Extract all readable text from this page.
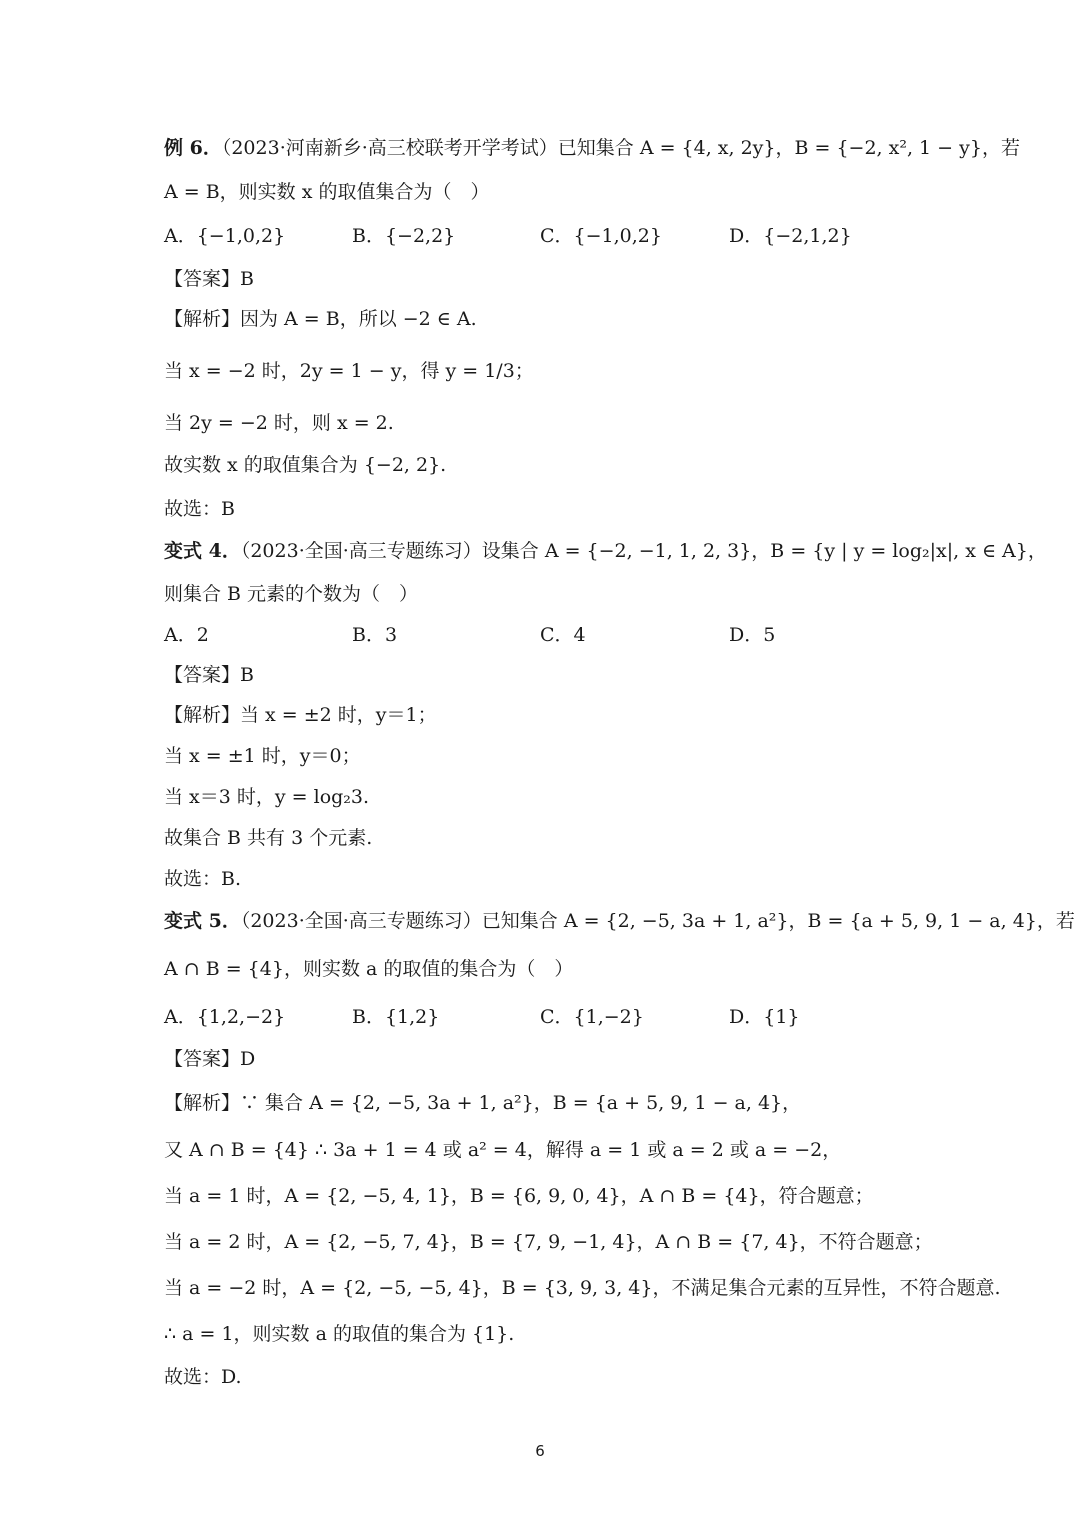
例 6．（2023·河南新乡·高三校联考开学考试）已知集合 A = {4, x, 2y}，B = {−2, x², 1 − y}，若
A = B，则实数 x 的取值集合为（　）
A．{−1,0,2}	B．{−2,2}	C．{−1,0,2}	D．{−2,1,2}
【答案】B
【解析】因为 A = B，所以 −2 ∈ A.
当 x = −2 时，2y = 1 − y，得 y = 1/3；
当 2y = −2 时，则 x = 2.
故实数 x 的取值集合为 {−2, 2}.
故选：B
变式 4．（2023·全国·高三专题练习）设集合 A = {−2, −1, 1, 2, 3}，B = {y | y = log₂|x|, x ∈ A}，
则集合 B 元素的个数为（　）
A．2	B．3	C．4	D．5
【答案】B
【解析】当 x = ±2 时，y＝1；
当 x = ±1 时，y＝0；
当 x＝3 时，y = log₂3.
故集合 B 共有 3 个元素.
故选：B.
变式 5．（2023·全国·高三专题练习）已知集合 A = {2, −5, 3a + 1, a²}，B = {a + 5, 9, 1 − a, 4}，若
A ∩ B = {4}，则实数 a 的取值的集合为（　）
A．{1,2,−2}	B．{1,2}	C．{1,−2}	D．{1}
【答案】D
【解析】∵ 集合 A = {2, −5, 3a + 1, a²}，B = {a + 5, 9, 1 − a, 4}，
又 A ∩ B = {4} ∴ 3a + 1 = 4 或 a² = 4，解得 a = 1 或 a = 2 或 a = −2，
当 a = 1 时，A = {2, −5, 4, 1}，B = {6, 9, 0, 4}，A ∩ B = {4}，符合题意；
当 a = 2 时，A = {2, −5, 7, 4}，B = {7, 9, −1, 4}，A ∩ B = {7, 4}，不符合题意；
当 a = −2 时，A = {2, −5, −5, 4}，B = {3, 9, 3, 4}，不满足集合元素的互异性，不符合题意.
∴ a = 1，则实数 a 的取值的集合为 {1}.
故选：D.
6
